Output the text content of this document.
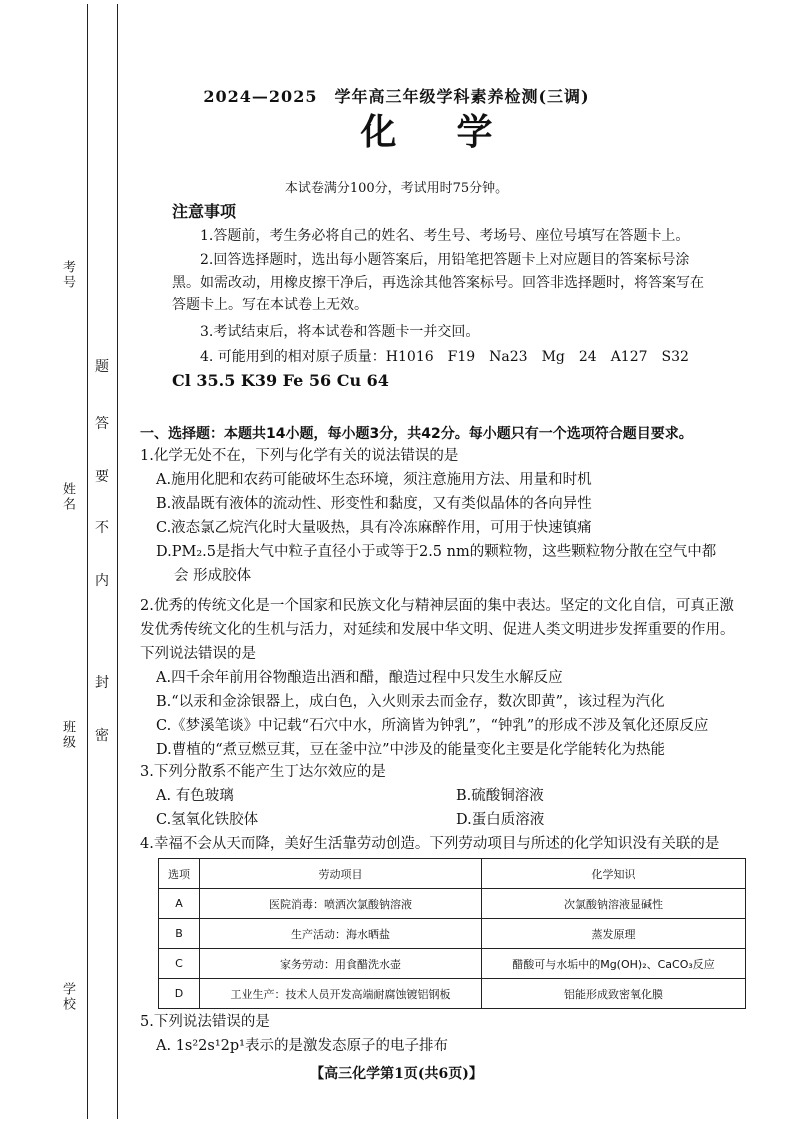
考号
姓名
班级
学校
题
答
要
不
内
封
密
2024—2025　学年高三年级学科素养检测(三调)
化学
本试卷满分100分，考试用时75分钟。
注意事项
1.答题前，考生务必将自己的姓名、考生号、考场号、座位号填写在答题卡上。
2.回答选择题时，选出每小题答案后，用铅笔把答题卡上对应题目的答案标号涂黑。如需改动，用橡皮擦干净后，再选涂其他答案标号。回答非选择题时，将答案写在答题卡上。写在本试卷上无效。
3.考试结束后，将本试卷和答题卡一并交回。
4. 可能用到的相对原子质量：H1016　F19　Na23　Mg　24　A127　S32
Cl 35.5 K39 Fe 56 Cu 64
一、选择题：本题共14小题，每小题3分，共42分。每小题只有一个选项符合题目要求。
1.化学无处不在，下列与化学有关的说法错误的是
A.施用化肥和农药可能破坏生态环境，须注意施用方法、用量和时机
B.液晶既有液体的流动性、形变性和黏度，又有类似晶体的各向异性
C.液态氯乙烷汽化时大量吸热，具有冷冻麻醉作用，可用于快速镇痛
D.PM₂.5是指大气中粒子直径小于或等于2.5 nm的颗粒物，这些颗粒物分散在空气中都
会 形成胶体
2.优秀的传统文化是一个国家和民族文化与精神层面的集中表达。坚定的文化自信，可真正激发优秀传统文化的生机与活力，对延续和发展中华文明、促进人类文明进步发挥重要的作用。下列说法错误的是
A.四千余年前用谷物酿造出酒和醋，酿造过程中只发生水解反应
B.“以汞和金涂银器上，成白色，入火则汞去而金存，数次即黄”，该过程为汽化
C.《梦溪笔谈》中记载“石穴中水，所滴皆为钟乳”，“钟乳”的形成不涉及氧化还原反应
D.曹植的“煮豆燃豆萁，豆在釜中泣”中涉及的能量变化主要是化学能转化为热能
3.下列分散系不能产生丁达尔效应的是
A. 有色玻璃	B.硫酸铜溶液
C.氢氧化铁胶体	D.蛋白质溶液
4.幸福不会从天而降，美好生活靠劳动创造。下列劳动项目与所述的化学知识没有关联的是
选项	劳动项目	化学知识
A	医院消毒：喷洒次氯酸钠溶液	次氯酸钠溶液显碱性
B	生产活动：海水晒盐	蒸发原理
C	家务劳动：用食醋洗水壶	醋酸可与水垢中的Mg(OH)₂、CaCO₃反应
D	工业生产：技术人员开发高端耐腐蚀镀铝钢板	铝能形成致密氧化膜
5.下列说法错误的是
A. 1s²2s¹2p¹表示的是激发态原子的电子排布
【高三化学第1页(共6页)】
